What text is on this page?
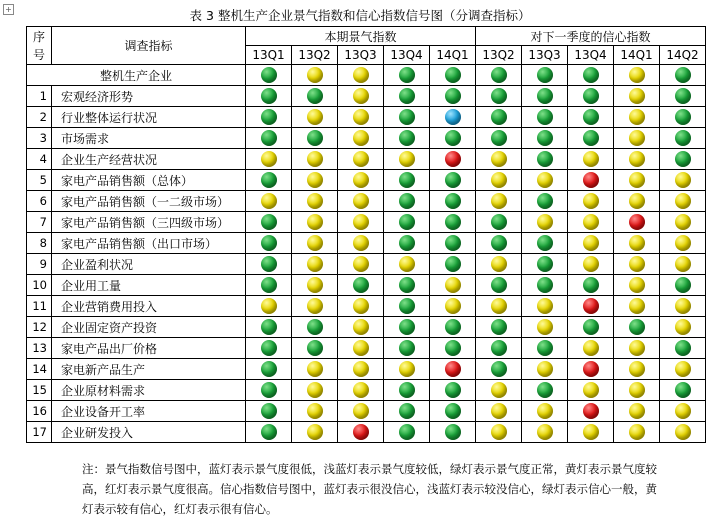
+	表 3 整机生产企业景气指数和信心指数信号图（分调查指标）
序
号	调查指标	本期景气指数					对下一季度的信心指数				
		13Q1	13Q2	13Q3	13Q4	14Q1	13Q2	13Q3	13Q4	14Q1	14Q2
整机生产企业											
1	宏观经济形势										
2	行业整体运行状况										
3	市场需求										
4	企业生产经营状况										
5	家电产品销售额（总体）										
6	家电产品销售额（一二级市场）										
7	家电产品销售额（三四级市场）										
8	家电产品销售额（出口市场）										
9	企业盈利状况										
10	企业用工量										
11	企业营销费用投入										
12	企业固定资产投资										
13	家电产品出厂价格										
14	家电新产品生产										
15	企业原材料需求										
16	企业设备开工率										
17	企业研发投入										
注：景气指数信号图中，蓝灯表示景气度很低，浅蓝灯表示景气度较低，绿灯表示景气度正常，黄灯表示景气度较高，红灯表示景气度很高。信心指数信号图中，蓝灯表示很没信心，浅蓝灯表示较没信心，绿灯表示信心一般，黄灯表示较有信心，红灯表示很有信心。
